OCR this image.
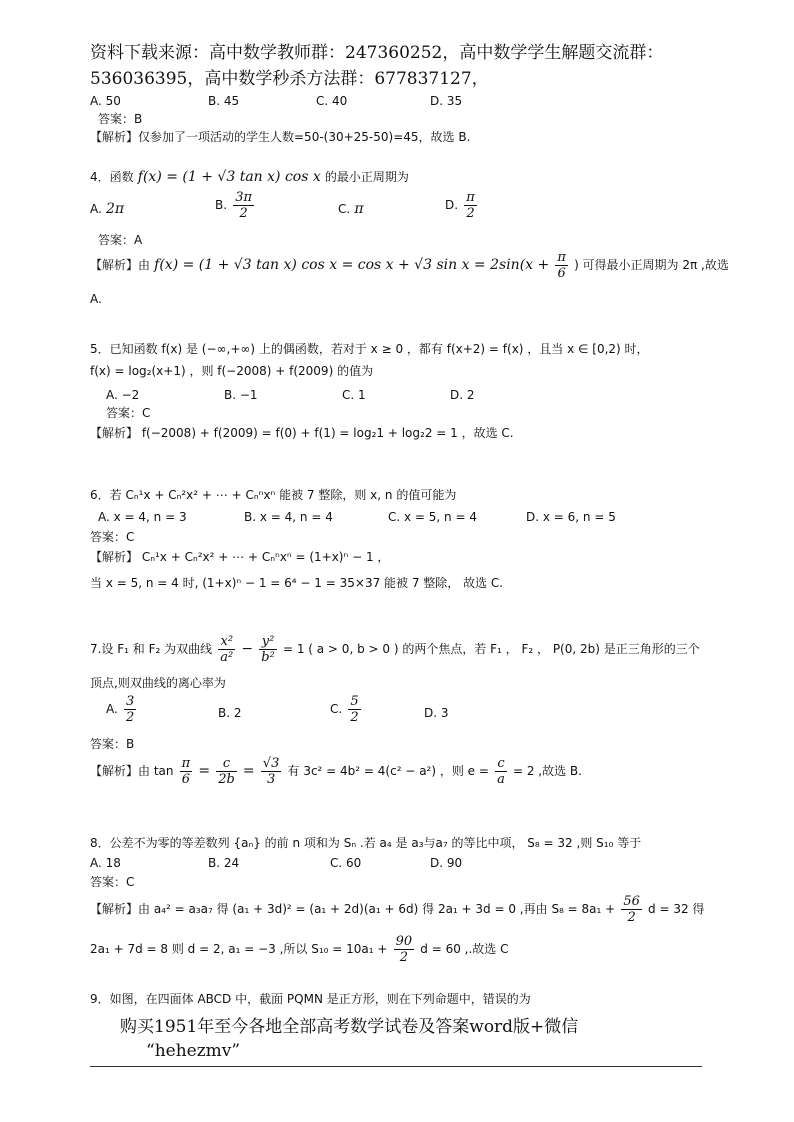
资料下载来源：高中数学教师群：247360252，高中数学学生解题交流群：
536036395，高中数学秒杀方法群：677837127，
A. 50	B. 45	C. 40	D. 35
答案：B
【解析】仅参加了一项活动的学生人数=50-(30+25-50)=45，故选 B.
4．函数 f(x) = (1 + √3 tan x) cos x 的最小正周期为
A. 2π	B. $\frac{3\pi}{2}$	C. π	D. $\frac{\pi}{2}$
答案：A
【解析】由 f(x) = (1 + √3 tan x) cos x = cos x + √3 $\sin x = 2\sin(x + \frac{\pi}{6}$ ) 可得最小正周期为 2π ,故选
A.
5．已知函数 f(x) 是 (−∞,+∞) 上的偶函数，若对于 x ≥ 0 ，都有 f(x+2) = f(x) ，且当 x ∈ [0,2) 时，
f(x) = log₂(x+1) ，则 f(−2008) + f(2009) 的值为
A. −2	B. −1	C. 1	D. 2
答案：C
【解析】 f(−2008) + f(2009) = f(0) + f(1) = log₂1 + log₂2 = 1 ，故选 C.
6．若 Cₙ¹x + Cₙ²x² + ⋯ + Cₙⁿxⁿ 能被 7 整除，则 x, n 的值可能为
A. x = 4, n = 3	B. x = 4, n = 4	C. x = 5, n = 4	D. x = 6, n = 5
答案：C
【解析】 Cₙ¹x + Cₙ²x² + ⋯ + Cₙⁿxⁿ = (1+x)ⁿ − 1 ，
当 x = 5, n = 4 时, (1+x)ⁿ − 1 = 6⁴ − 1 = 35×37 能被 7 整除， 故选 C.
7.设 F₁ 和 F₂ 为双曲线 $\frac{\text{x²}}{\text{a²}} - \frac{\text{y²}}{\text{b²}} = 1$ ( a > 0, b > 0 ) 的两个焦点，若 F₁ ， F₂ ， P(0, 2b) 是正三角形的三个
顶点,则双曲线的离心率为
A. $\frac{3}{2}$	B. 2	C. $\frac{5}{2}$	D. 3
答案：B
【解析】由 $\tan \frac{\pi}{6} = \frac{c}{2b} = \frac{√3}{3}$ 有 3c² = 4b² = 4(c² − a²) ，则 $e = \frac{c}{a} = 2$ ,故选 B.
8．公差不为零的等差数列 {aₙ} 的前 n 项和为 Sₙ .若 a₄ 是 a₃与a₇ 的等比中项， S₈ = 32 ,则 S₁₀ 等于
A. 18	B. 24	C. 60	D. 90
答案：C
【解析】由 a₄² = a₃a₇ 得 (a₁ + 3d)² = (a₁ + 2d)(a₁ + 6d) 得 2a₁ + 3d = 0 ,再由 $S_8 = 8a_1 + \frac{56}{2}$ d = 32 得
2a₁ + 7d = 8 则 d = 2, a₁ = −3 ,所以 $S_{10} = 10a_1 + \frac{90}{2}$ d = 60 ,.故选 C
9．如图，在四面体 ABCD 中，截面 PQMN 是正方形，则在下列命题中，错误的为
购买1951年至今各地全部高考数学试卷及答案word版+微信
“hehezmv”
